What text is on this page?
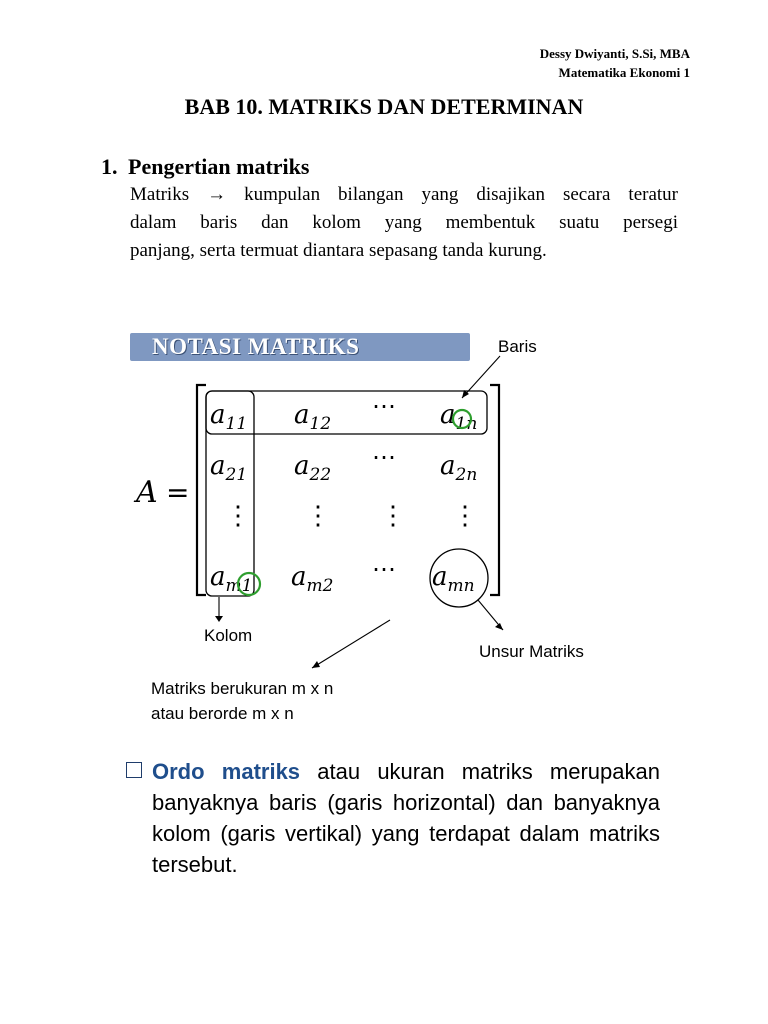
Dessy Dwiyanti, S.Si, MBA
Matematika Ekonomi 1
BAB 10. MATRIKS DAN DETERMINAN
1. Pengertian matriks
Matriks → kumpulan bilangan yang disajikan secara teratur
dalam baris dan kolom yang membentuk suatu persegi
panjang, serta termuat diantara sepasang tanda kurung.
NOTASI MATRIKS
A =
$a_{11}$ $a_{12}$
⋯ $a_{1n}$
$a_{21}$ $a_{22}$
⋯ $a_{2n}$
⋮ ⋮ ⋮ ⋮
$a_{m1}$ $a_{m2}$
⋯ $a_{mn}$
Baris
Kolom
Unsur Matriks
Matriks berukuran m x n
atau berorde m x n
Ordo matriks atau ukuran matriks merupakan
banyaknya baris (garis horizontal) dan banyaknya
kolom (garis vertikal) yang terdapat dalam matriks
tersebut.
